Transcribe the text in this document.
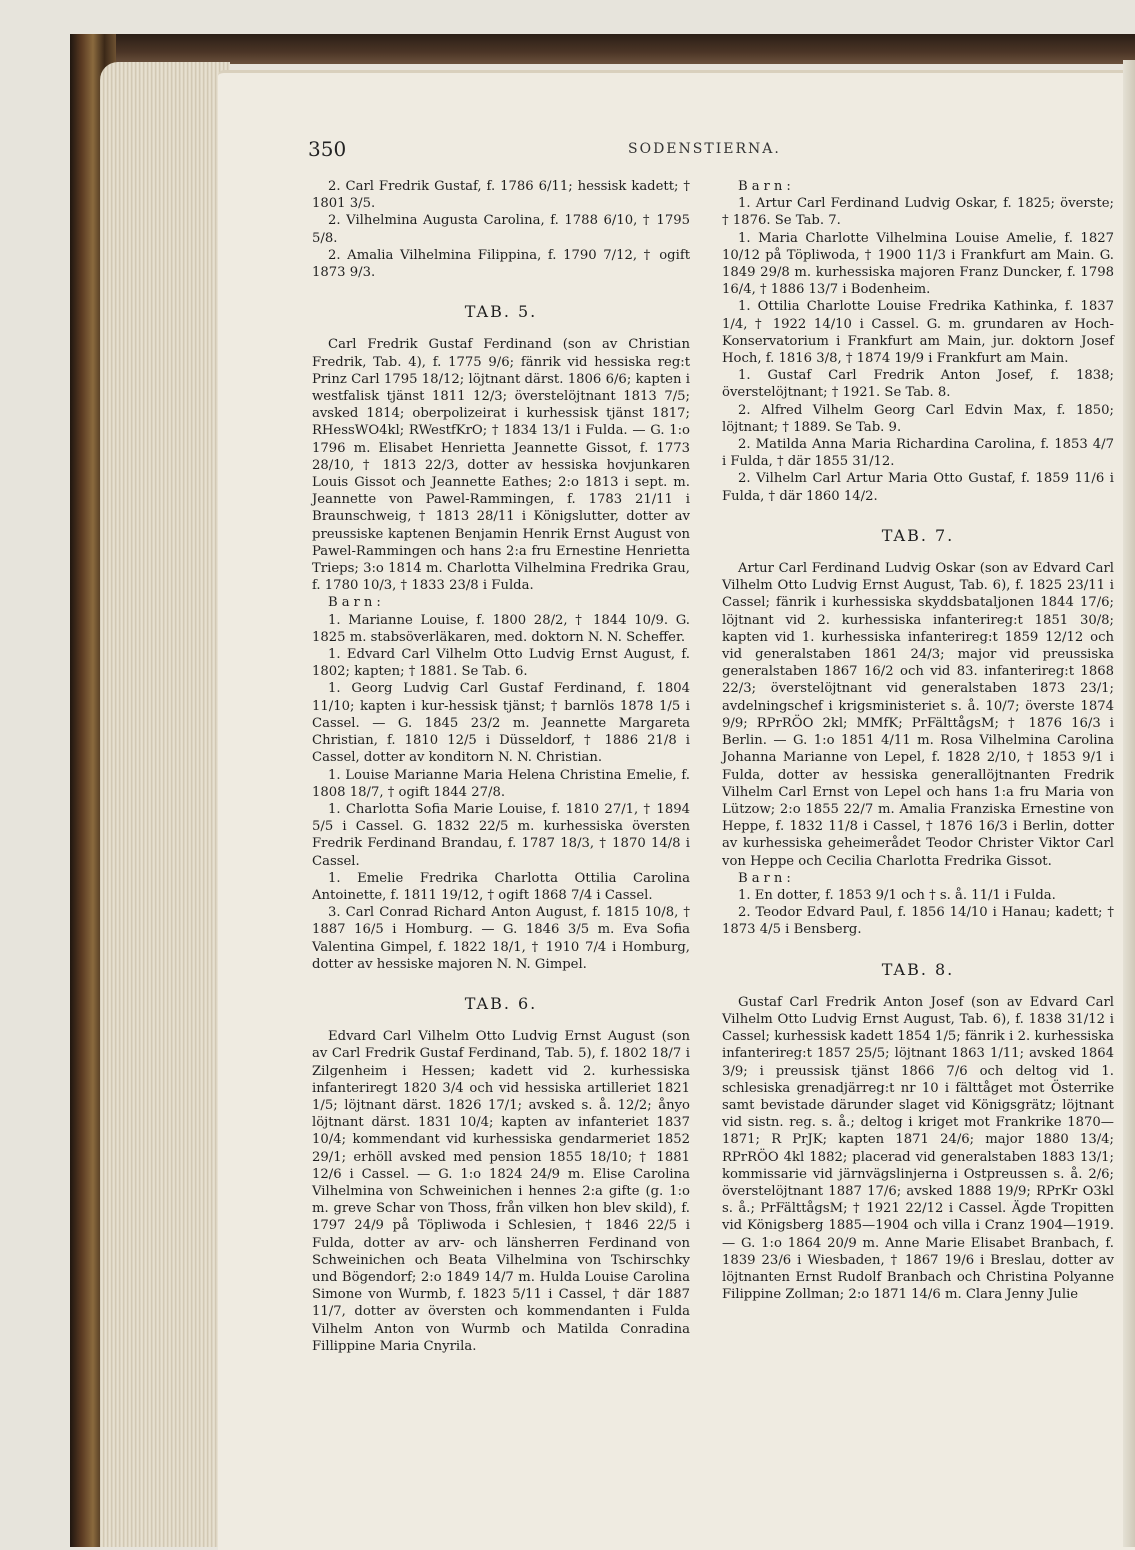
350	SODENSTIERNA.

2. Carl Fredrik Gustaf, f. 1786 6/11; hessisk kadett; † 1801 3/5.

2. Vilhelmina Augusta Carolina, f. 1788 6/10, † 1795 5/8.

2. Amalia Vilhelmina Filippina, f. 1790 7/12, † ogift 1873 9/3.

TAB. 5.

Carl Fredrik Gustaf Ferdinand (son av Christian Fredrik, Tab. 4), f. 1775 9/6; fänrik vid hessiska reg:t Prinz Carl 1795 18/12; löjtnant därst. 1806 6/6; kapten i westfalisk tjänst 1811 12/3; överstelöjtnant 1813 7/5; avsked 1814; oberpolizeirat i kurhessisk tjänst 1817; RHessWO4kl; RWestfKrO; † 1834 13/1 i Fulda. — G. 1:o 1796 m. Elisabet Henrietta Jeannette Gissot, f. 1773 28/10, † 1813 22/3, dotter av hessiska hovjunkaren Louis Gissot och Jeannette Eathes; 2:o 1813 i sept. m. Jeannette von Pawel-Rammingen, f. 1783 21/11 i Braunschweig, † 1813 28/11 i Königslutter, dotter av preussiske kaptenen Benjamin Henrik Ernst August von Pawel-Rammingen och hans 2:a fru Ernestine Henrietta Trieps; 3:o 1814 m. Charlotta Vilhelmina Fredrika Grau, f. 1780 10/3, † 1833 23/8 i Fulda.

Barn:

1. Marianne Louise, f. 1800 28/2, † 1844 10/9. G. 1825 m. stabsöverläkaren, med. doktorn N. N. Scheffer.

1. Edvard Carl Vilhelm Otto Ludvig Ernst August, f. 1802; kapten; † 1881. Se Tab. 6.

1. Georg Ludvig Carl Gustaf Ferdinand, f. 1804 11/10; kapten i kur-hessisk tjänst; † barnlös 1878 1/5 i Cassel. — G. 1845 23/2 m. Jeannette Margareta Christian, f. 1810 12/5 i Düsseldorf, † 1886 21/8 i Cassel, dotter av konditorn N. N. Christian.

1. Louise Marianne Maria Helena Christina Emelie, f. 1808 18/7, † ogift 1844 27/8.

1. Charlotta Sofia Marie Louise, f. 1810 27/1, † 1894 5/5 i Cassel. G. 1832 22/5 m. kurhessiska översten Fredrik Ferdinand Brandau, f. 1787 18/3, † 1870 14/8 i Cassel.

1. Emelie Fredrika Charlotta Ottilia Carolina Antoinette, f. 1811 19/12, † ogift 1868 7/4 i Cassel.

3. Carl Conrad Richard Anton August, f. 1815 10/8, † 1887 16/5 i Homburg. — G. 1846 3/5 m. Eva Sofia Valentina Gimpel, f. 1822 18/1, † 1910 7/4 i Homburg, dotter av hessiske majoren N. N. Gimpel.

TAB. 6.

Edvard Carl Vilhelm Otto Ludvig Ernst August (son av Carl Fredrik Gustaf Ferdinand, Tab. 5), f. 1802 18/7 i Zilgenheim i Hessen; kadett vid 2. kurhessiska infanteriregt 1820 3/4 och vid hessiska artilleriet 1821 1/5; löjtnant därst. 1826 17/1; avsked s. å. 12/2; ånyo löjtnant därst. 1831 10/4; kapten av infanteriet 1837 10/4; kommendant vid kurhessiska gendarmeriet 1852 29/1; erhöll avsked med pension 1855 18/10; † 1881 12/6 i Cassel. — G. 1:o 1824 24/9 m. Elise Carolina Vilhelmina von Schweinichen i hennes 2:a gifte (g. 1:o m. greve Schar von Thoss, från vilken hon blev skild), f. 1797 24/9 på Töpliwoda i Schlesien, † 1846 22/5 i Fulda, dotter av arv- och länsherren Ferdinand von Schweinichen och Beata Vilhelmina von Tschirschky und Bögendorf; 2:o 1849 14/7 m. Hulda Louise Carolina Simone von Wurmb, f. 1823 5/11 i Cassel, † där 1887 11/7, dotter av översten och kommendanten i Fulda Vilhelm Anton von Wurmb och Matilda Conradina Fillippine Maria Cnyrila.

Barn:

1. Artur Carl Ferdinand Ludvig Oskar, f. 1825; överste; † 1876. Se Tab. 7.

1. Maria Charlotte Vilhelmina Louise Amelie, f. 1827 10/12 på Töpliwoda, † 1900 11/3 i Frankfurt am Main. G. 1849 29/8 m. kurhessiska majoren Franz Duncker, f. 1798 16/4, † 1886 13/7 i Bodenheim.

1. Ottilia Charlotte Louise Fredrika Kathinka, f. 1837 1/4, † 1922 14/10 i Cassel. G. m. grundaren av Hoch-Konservatorium i Frankfurt am Main, jur. doktorn Josef Hoch, f. 1816 3/8, † 1874 19/9 i Frankfurt am Main.

1. Gustaf Carl Fredrik Anton Josef, f. 1838; överstelöjtnant; † 1921. Se Tab. 8.

2. Alfred Vilhelm Georg Carl Edvin Max, f. 1850; löjtnant; † 1889. Se Tab. 9.

2. Matilda Anna Maria Richardina Carolina, f. 1853 4/7 i Fulda, † där 1855 31/12.

2. Vilhelm Carl Artur Maria Otto Gustaf, f. 1859 11/6 i Fulda, † där 1860 14/2.

TAB. 7.

Artur Carl Ferdinand Ludvig Oskar (son av Edvard Carl Vilhelm Otto Ludvig Ernst August, Tab. 6), f. 1825 23/11 i Cassel; fänrik i kurhessiska skyddsbataljonen 1844 17/6; löjtnant vid 2. kurhessiska infanterireg:t 1851 30/8; kapten vid 1. kurhessiska infanterireg:t 1859 12/12 och vid generalstaben 1861 24/3; major vid preussiska generalstaben 1867 16/2 och vid 83. infanterireg:t 1868 22/3; överstelöjtnant vid generalstaben 1873 23/1; avdelningschef i krigsministeriet s. å. 10/7; överste 1874 9/9; RPrRÖO 2kl; MMfK; PrFälttågsM; † 1876 16/3 i Berlin. — G. 1:o 1851 4/11 m. Rosa Vilhelmina Carolina Johanna Marianne von Lepel, f. 1828 2/10, † 1853 9/1 i Fulda, dotter av hessiska generallöjtnanten Fredrik Vilhelm Carl Ernst von Lepel och hans 1:a fru Maria von Lützow; 2:o 1855 22/7 m. Amalia Franziska Ernestine von Heppe, f. 1832 11/8 i Cassel, † 1876 16/3 i Berlin, dotter av kurhessiska geheimerådet Teodor Christer Viktor Carl von Heppe och Cecilia Charlotta Fredrika Gissot.

Barn:

1. En dotter, f. 1853 9/1 och † s. å. 11/1 i Fulda.

2. Teodor Edvard Paul, f. 1856 14/10 i Hanau; kadett; † 1873 4/5 i Bensberg.

TAB. 8.

Gustaf Carl Fredrik Anton Josef (son av Edvard Carl Vilhelm Otto Ludvig Ernst August, Tab. 6), f. 1838 31/12 i Cassel; kurhessisk kadett 1854 1/5; fänrik i 2. kurhessiska infanterireg:t 1857 25/5; löjtnant 1863 1/11; avsked 1864 3/9; i preussisk tjänst 1866 7/6 och deltog vid 1. schlesiska grenadjärreg:t nr 10 i fälttåget mot Österrike samt bevistade därunder slaget vid Königsgrätz; löjtnant vid sistn. reg. s. å.; deltog i kriget mot Frankrike 1870—1871; R PrJK; kapten 1871 24/6; major 1880 13/4; RPrRÖO 4kl 1882; placerad vid generalstaben 1883 13/1; kommissarie vid järnvägslinjerna i Ostpreussen s. å. 2/6; överstelöjtnant 1887 17/6; avsked 1888 19/9; RPrKr O3kl s. å.; PrFälttågsM; † 1921 22/12 i Cassel. Ägde Tropitten vid Königsberg 1885—1904 och villa i Cranz 1904—1919. — G. 1:o 1864 20/9 m. Anne Marie Elisabet Branbach, f. 1839 23/6 i Wiesbaden, † 1867 19/6 i Breslau, dotter av löjtnanten Ernst Rudolf Branbach och Christina Polyanne Filippine Zollman; 2:o 1871 14/6 m. Clara Jenny Julie
